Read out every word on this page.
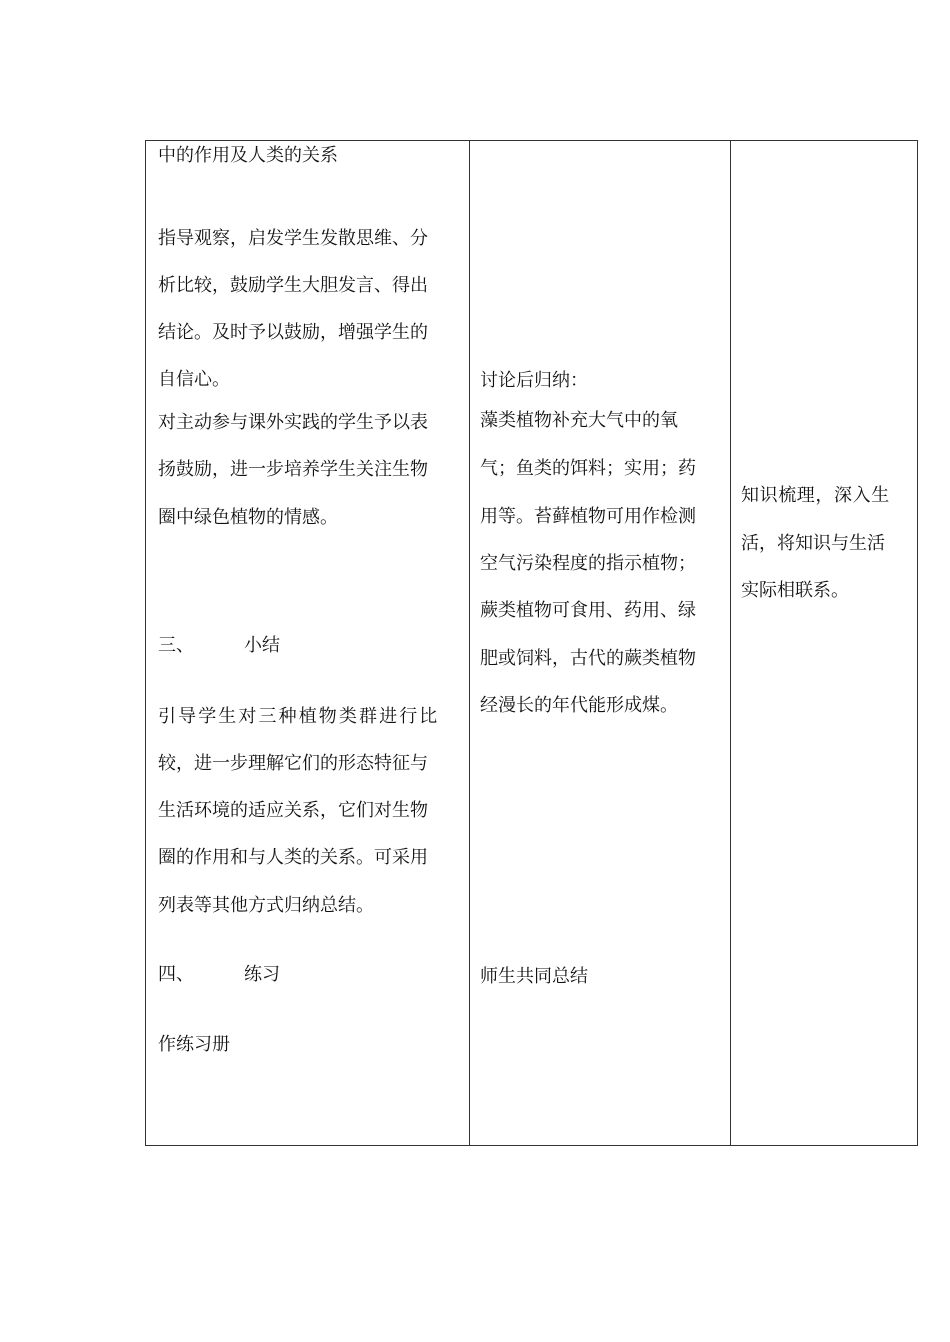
中的作用及人类的关系
指导观察，启发学生发散思维、分
析比较，鼓励学生大胆发言、得出
结论。及时予以鼓励，增强学生的
自信心。
对主动参与课外实践的学生予以表
扬鼓励，进一步培养学生关注生物
圈中绿色植物的情感。
三、	小结
引导学生对三种植物类群进行比
较，进一步理解它们的形态特征与
生活环境的适应关系，它们对生物
圈的作用和与人类的关系。可采用
列表等其他方式归纳总结。
四、	练习
作练习册
讨论后归纳：
藻类植物补充大气中的氧
气；鱼类的饵料；实用；药
用等。苔藓植物可用作检测
空气污染程度的指示植物；
蕨类植物可食用、药用、绿
肥或饲料，古代的蕨类植物
经漫长的年代能形成煤。
师生共同总结
知识梳理，深入生
活，将知识与生活
实际相联系。
